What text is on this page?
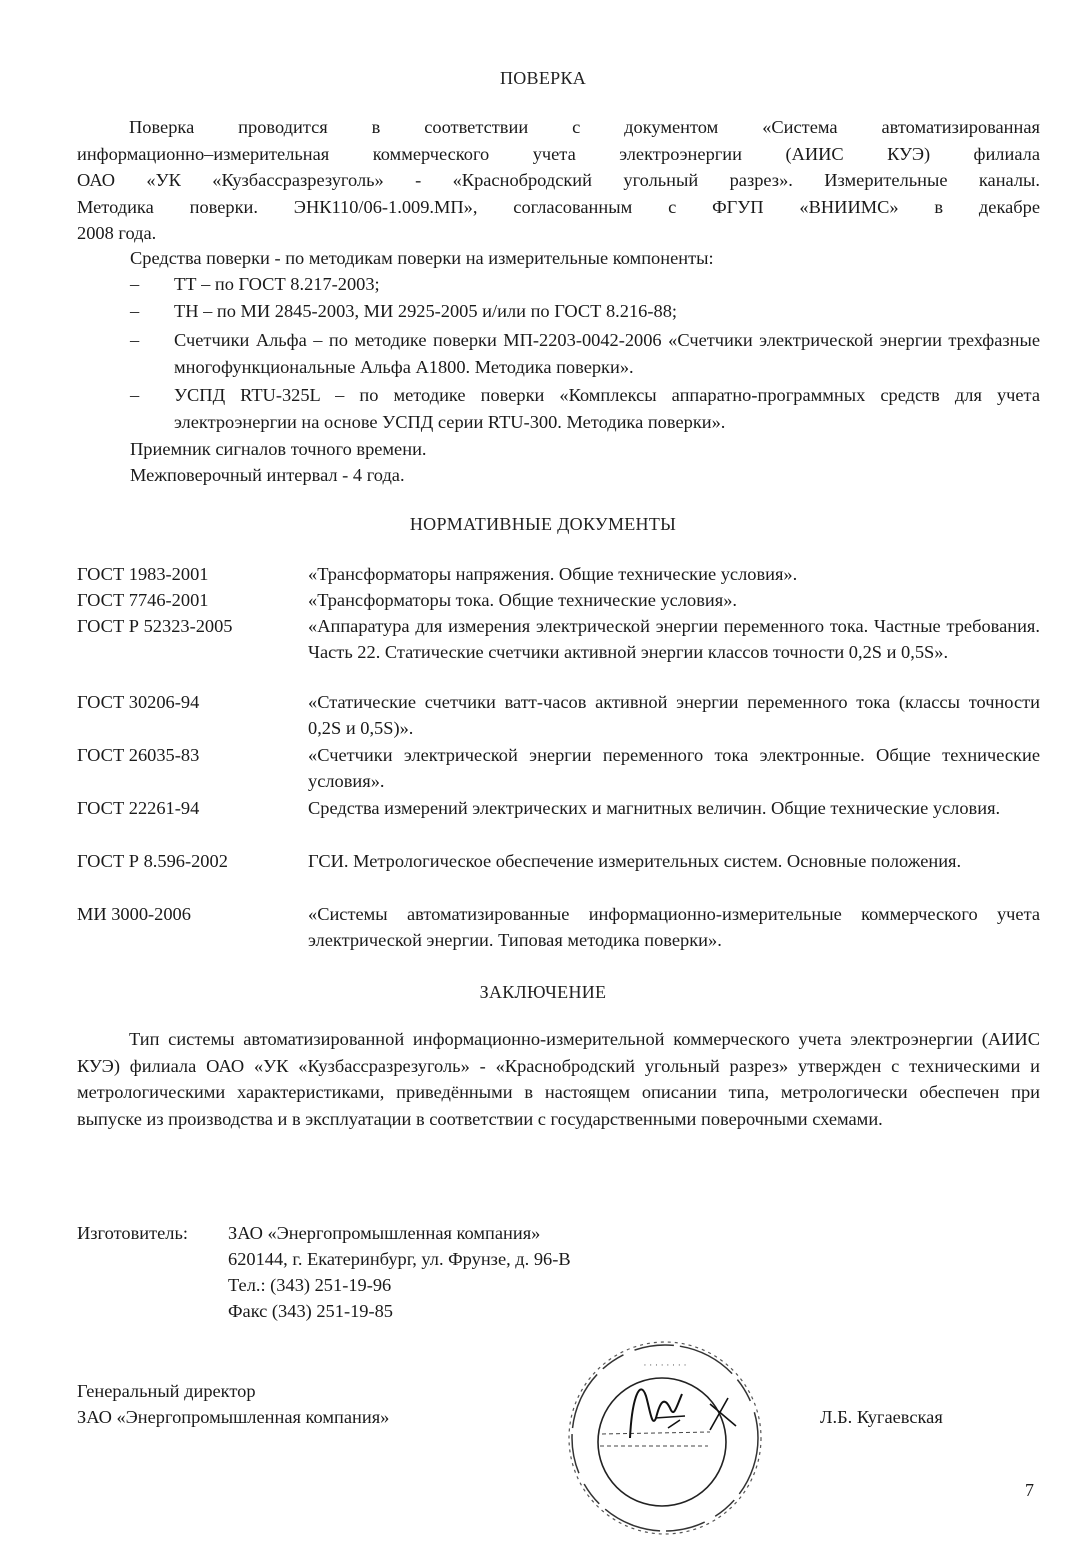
ПОВЕРКА
Поверка проводится в соответствии с документом «Система автоматизированная
информационно–измерительная коммерческого учета электроэнергии (АИИС КУЭ) филиала
ОАО «УК «Кузбассразрезуголь» - «Краснобродский угольный разрез». Измерительные каналы.
Методика поверки. ЭНК110/06-1.009.МП», согласованным с ФГУП «ВНИИМС» в декабре
2008 года.
Средства поверки - по методикам поверки на измерительные компоненты:
– ТТ – по ГОСТ 8.217-2003;
– ТН – по МИ 2845-2003, МИ 2925-2005 и/или по ГОСТ 8.216-88;
– Счетчики Альфа – по методике поверки МП-2203-0042-2006 «Счетчики электрической энергии трехфазные многофункциональные Альфа А1800. Методика поверки».
– УСПД RTU-325L – по методике поверки «Комплексы аппаратно-программных средств для учета электроэнергии на основе УСПД серии RTU-300. Методика поверки».
Приемник сигналов точного времени.
Межповерочный интервал - 4 года.
НОРМАТИВНЫЕ ДОКУМЕНТЫ
ГОСТ 1983-2001	«Трансформаторы напряжения. Общие технические условия».
ГОСТ 7746-2001	«Трансформаторы тока. Общие технические условия».
ГОСТ Р 52323-2005	«Аппаратура для измерения электрической энергии переменного тока. Частные требования. Часть 22. Статические счетчики активной энергии классов точности 0,2S и 0,5S».
ГОСТ 30206-94	«Статические счетчики ватт-часов активной энергии переменного тока (классы точности 0,2S и 0,5S)».
ГОСТ 26035-83	«Счетчики электрической энергии переменного тока электронные. Общие технические условия».
ГОСТ 22261-94	Средства измерений электрических и магнитных величин. Общие технические условия.
ГОСТ Р 8.596-2002	ГСИ. Метрологическое обеспечение измерительных систем. Основные положения.
МИ 3000-2006	«Системы автоматизированные информационно-измерительные коммерческого учета электрической энергии. Типовая методика поверки».
ЗАКЛЮЧЕНИЕ
Тип системы автоматизированной информационно-измерительной коммерческого учета электроэнергии (АИИС КУЭ) филиала ОАО «УК «Кузбассразрезуголь» - «Краснобродский угольный разрез» утвержден с техническими и метрологическими характеристиками, приведёнными в настоящем описании типа, метрологически обеспечен при выпуске из производства и в эксплуатации в соответствии с государственными поверочными схемами.
Изготовитель: ЗАО «Энергопромышленная компания»
620144, г. Екатеринбург, ул. Фрунзе, д. 96-В
Тел.: (343) 251-19-96
Факс (343) 251-19-85
Генеральный директор
ЗАО «Энергопромышленная компания»
· · · · · · · ·
Л.Б. Кугаевская
7
